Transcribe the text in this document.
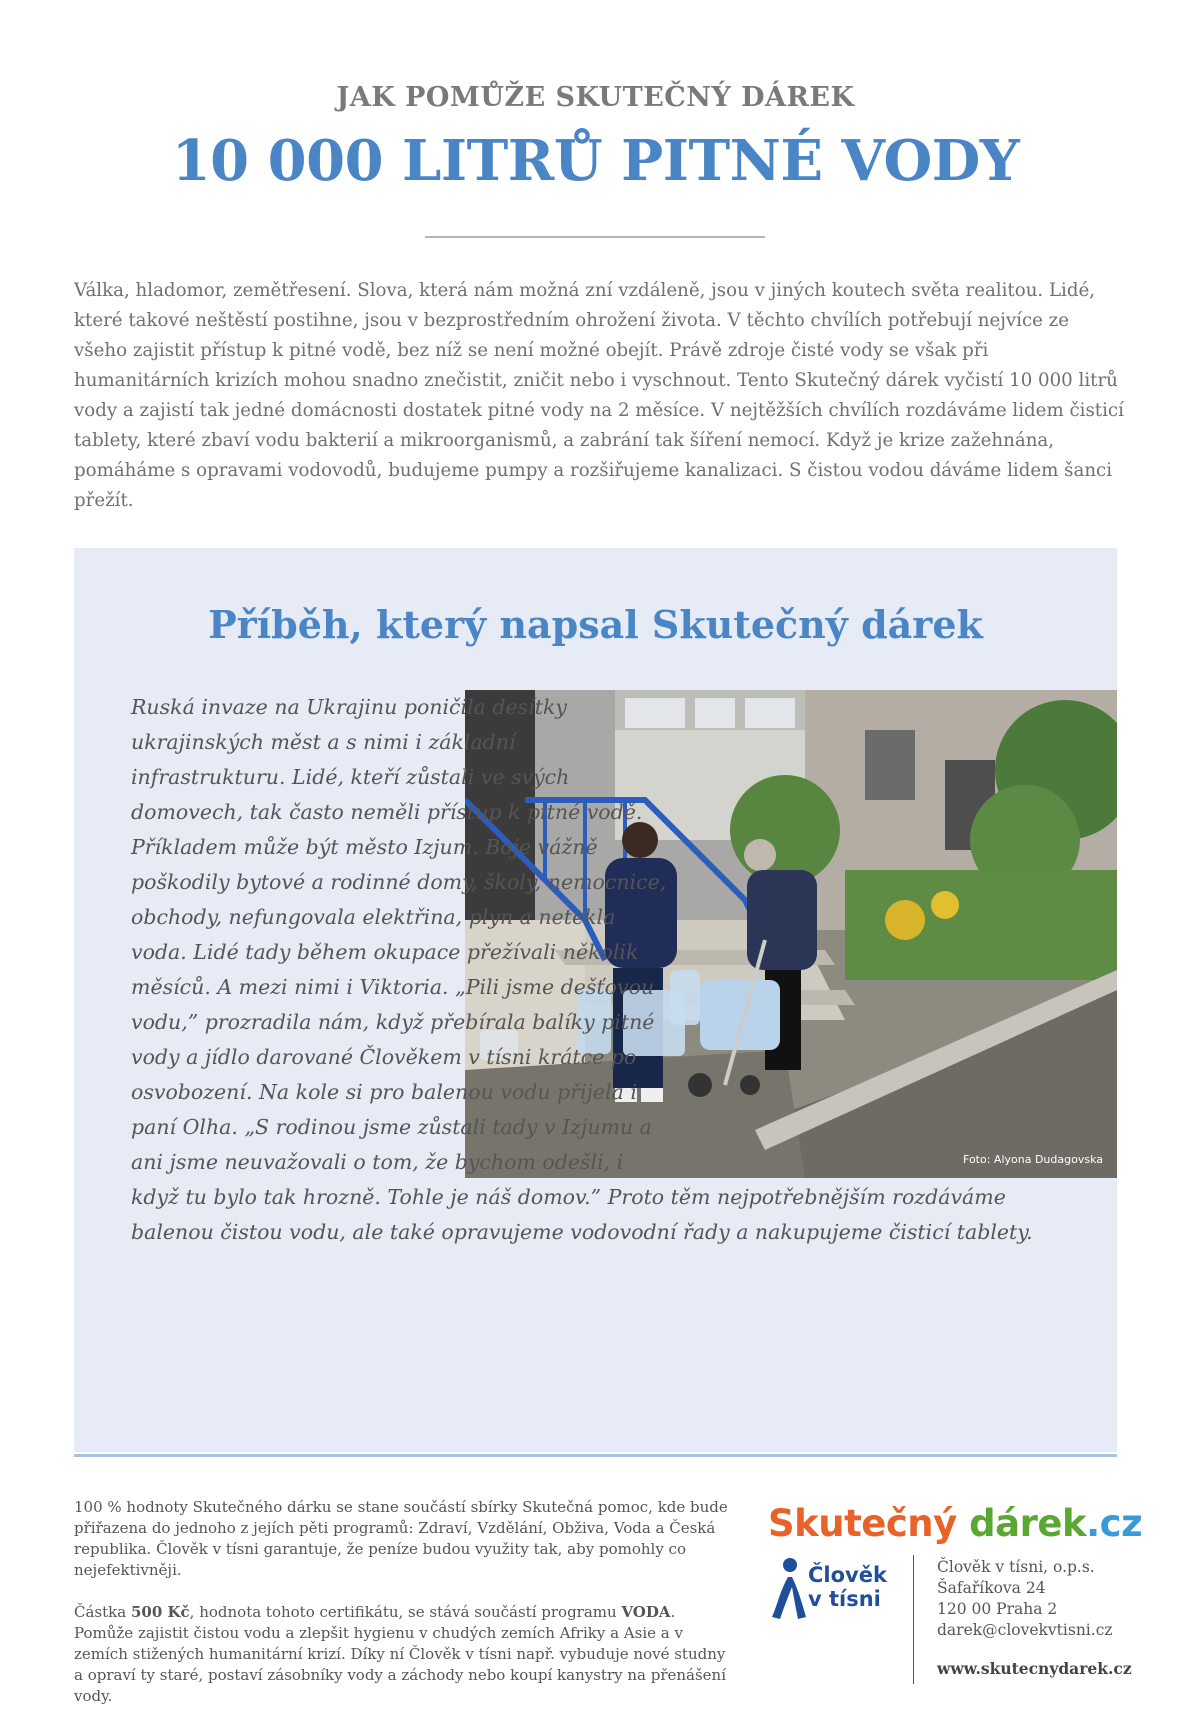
JAK POMŮŽE SKUTEČNÝ DÁREK
10 000 LITRŮ PITNÉ VODY
Válka, hladomor, zemětřesení. Slova, která nám možná zní vzdáleně, jsou v jiných koutech světa realitou. Lidé, které takové neštěstí postihne, jsou v bezprostředním ohrožení života. V těchto chvílích potřebují nejvíce ze všeho zajistit přístup k pitné vodě, bez níž se není možné obejít. Právě zdroje čisté vody se však při humanitárních krizích mohou snadno znečistit, zničit nebo i vyschnout. Tento Skutečný dárek vyčistí 10 000 litrů vody a zajistí tak jedné domácnosti dostatek pitné vody na 2 měsíce. V nejtěžších chvílích rozdáváme lidem čisticí tablety, které zbaví vodu bakterií a mikroorganismů, a zabrání tak šíření nemocí. Když je krize zažehnána, pomáháme s opravami vodovodů, budujeme pumpy a rozšiřujeme kanalizaci. S čistou vodou dáváme lidem šanci přežít.
Příběh, který napsal Skutečný dárek
Foto: Alyona Dudagovska
Ruská invaze na Ukrajinu poničila desítky ukrajinských měst a s nimi i základní infrastrukturu. Lidé, kteří zůstali ve svých domovech, tak často neměli přístup k pitné vodě. Příkladem může být město Izjum. Boje vážně poškodily bytové a rodinné domy, školy, nemocnice, obchody, nefungovala elektřina, plyn a netekla voda. Lidé tady během okupace přežívali několik měsíců. A mezi nimi i Viktoria. „Pili jsme dešťovou vodu,” prozradila nám, když přebírala balíky pitné vody a jídlo darované Člověkem v tísni krátce po osvobození. Na kole si pro balenou vodu přijela i paní Olha. „S rodinou jsme zůstali tady v Izjumu a ani jsme neuvažovali o tom, že bychom odešli, i když tu bylo tak hrozně. Tohle je náš domov.” Proto těm nejpotřebnějším rozdáváme balenou čistou vodu, ale také opravujeme vodovodní řady a nakupujeme čisticí tablety.

100 % hodnoty Skutečného dárku se stane součástí sbírky Skutečná pomoc, kde bude přiřazena do jednoho z jejích pěti programů: Zdraví, Vzdělání, Obživa, Voda a Česká republika. Člověk v tísni garantuje, že peníze budou využity tak, aby pomohly co nejefektivněji.

Částka 500 Kč, hodnota tohoto certifikátu, se stává součástí programu VODA. Pomůže zajistit čistou vodu a zlepšit hygienu v chudých zemích Afriky a Asie a v zemích stižených humanitární krizí. Díky ní Člověk v tísni např. vybuduje nové studny a opraví ty staré, postaví zásobníky vody a záchody nebo koupí kanystry na přenášení vody.

Skutečný dárek.cz
Člověk
v tísni
Člověk v tísni, o.p.s.
Šafaříkova 24
120 00 Praha 2
darek@clovekvtisni.cz
www.skutecnydarek.cz
